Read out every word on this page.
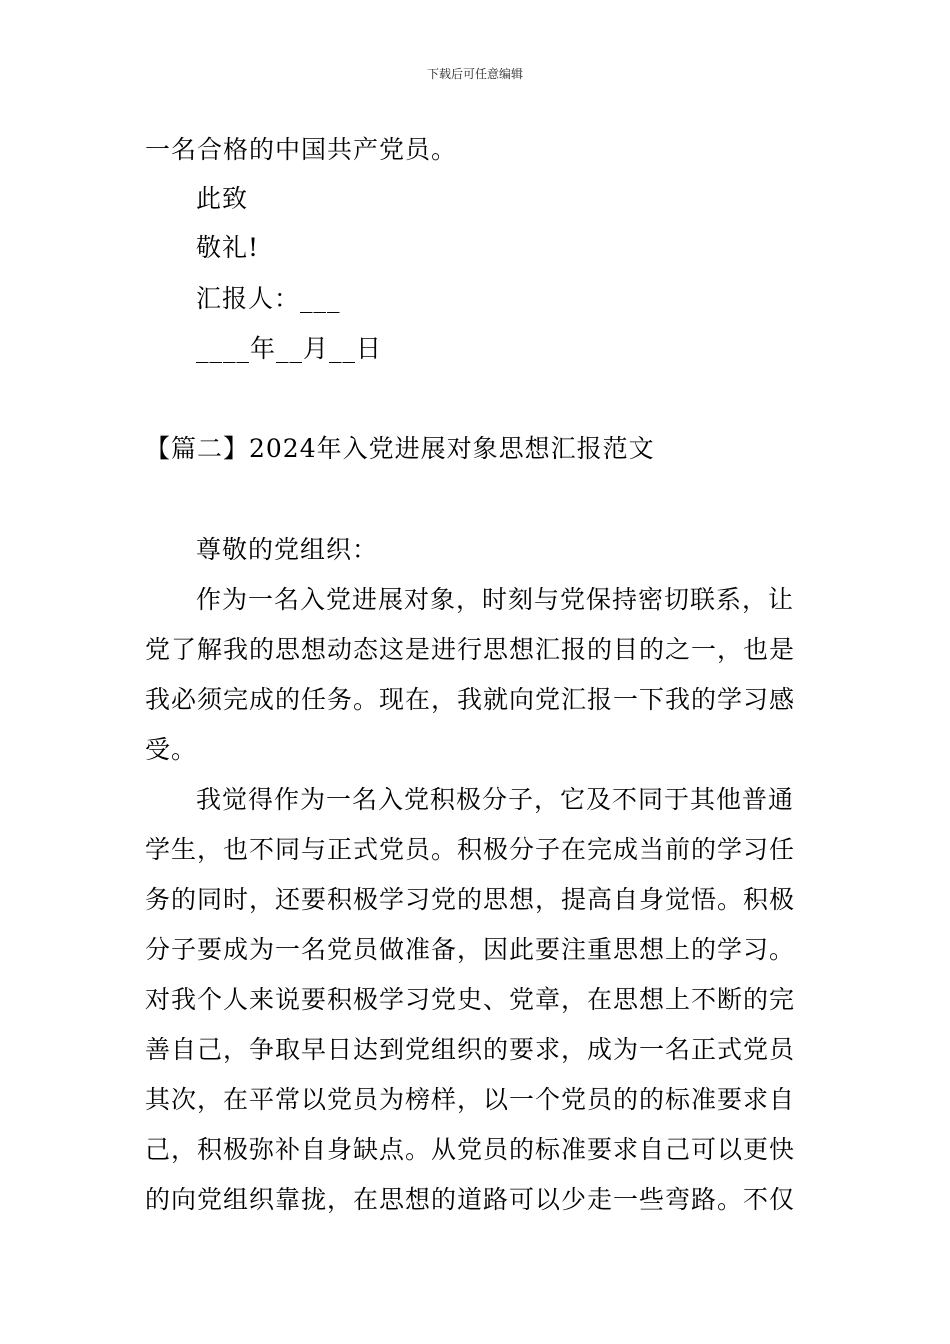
下载后可任意编辑
一名合格的中国共产党员。
此致
敬礼!
汇报人：___
____年__月__日
【篇二】2024年入党进展对象思想汇报范文
尊敬的党组织：
作为一名入党进展对象，时刻与党保持密切联系，让
党了解我的思想动态这是进行思想汇报的目的之一，也是
我必须完成的任务。现在，我就向党汇报一下我的学习感
受。
我觉得作为一名入党积极分子，它及不同于其他普通
学生，也不同与正式党员。积极分子在完成当前的学习任
务的同时，还要积极学习党的思想，提高自身觉悟。积极
分子要成为一名党员做准备，因此要注重思想上的学习。
对我个人来说要积极学习党史、党章，在思想上不断的完
善自己，争取早日达到党组织的要求，成为一名正式党员
其次，在平常以党员为榜样，以一个党员的的标准要求自
己，积极弥补自身缺点。从党员的标准要求自己可以更快
的向党组织靠拢，在思想的道路可以少走一些弯路。不仅
